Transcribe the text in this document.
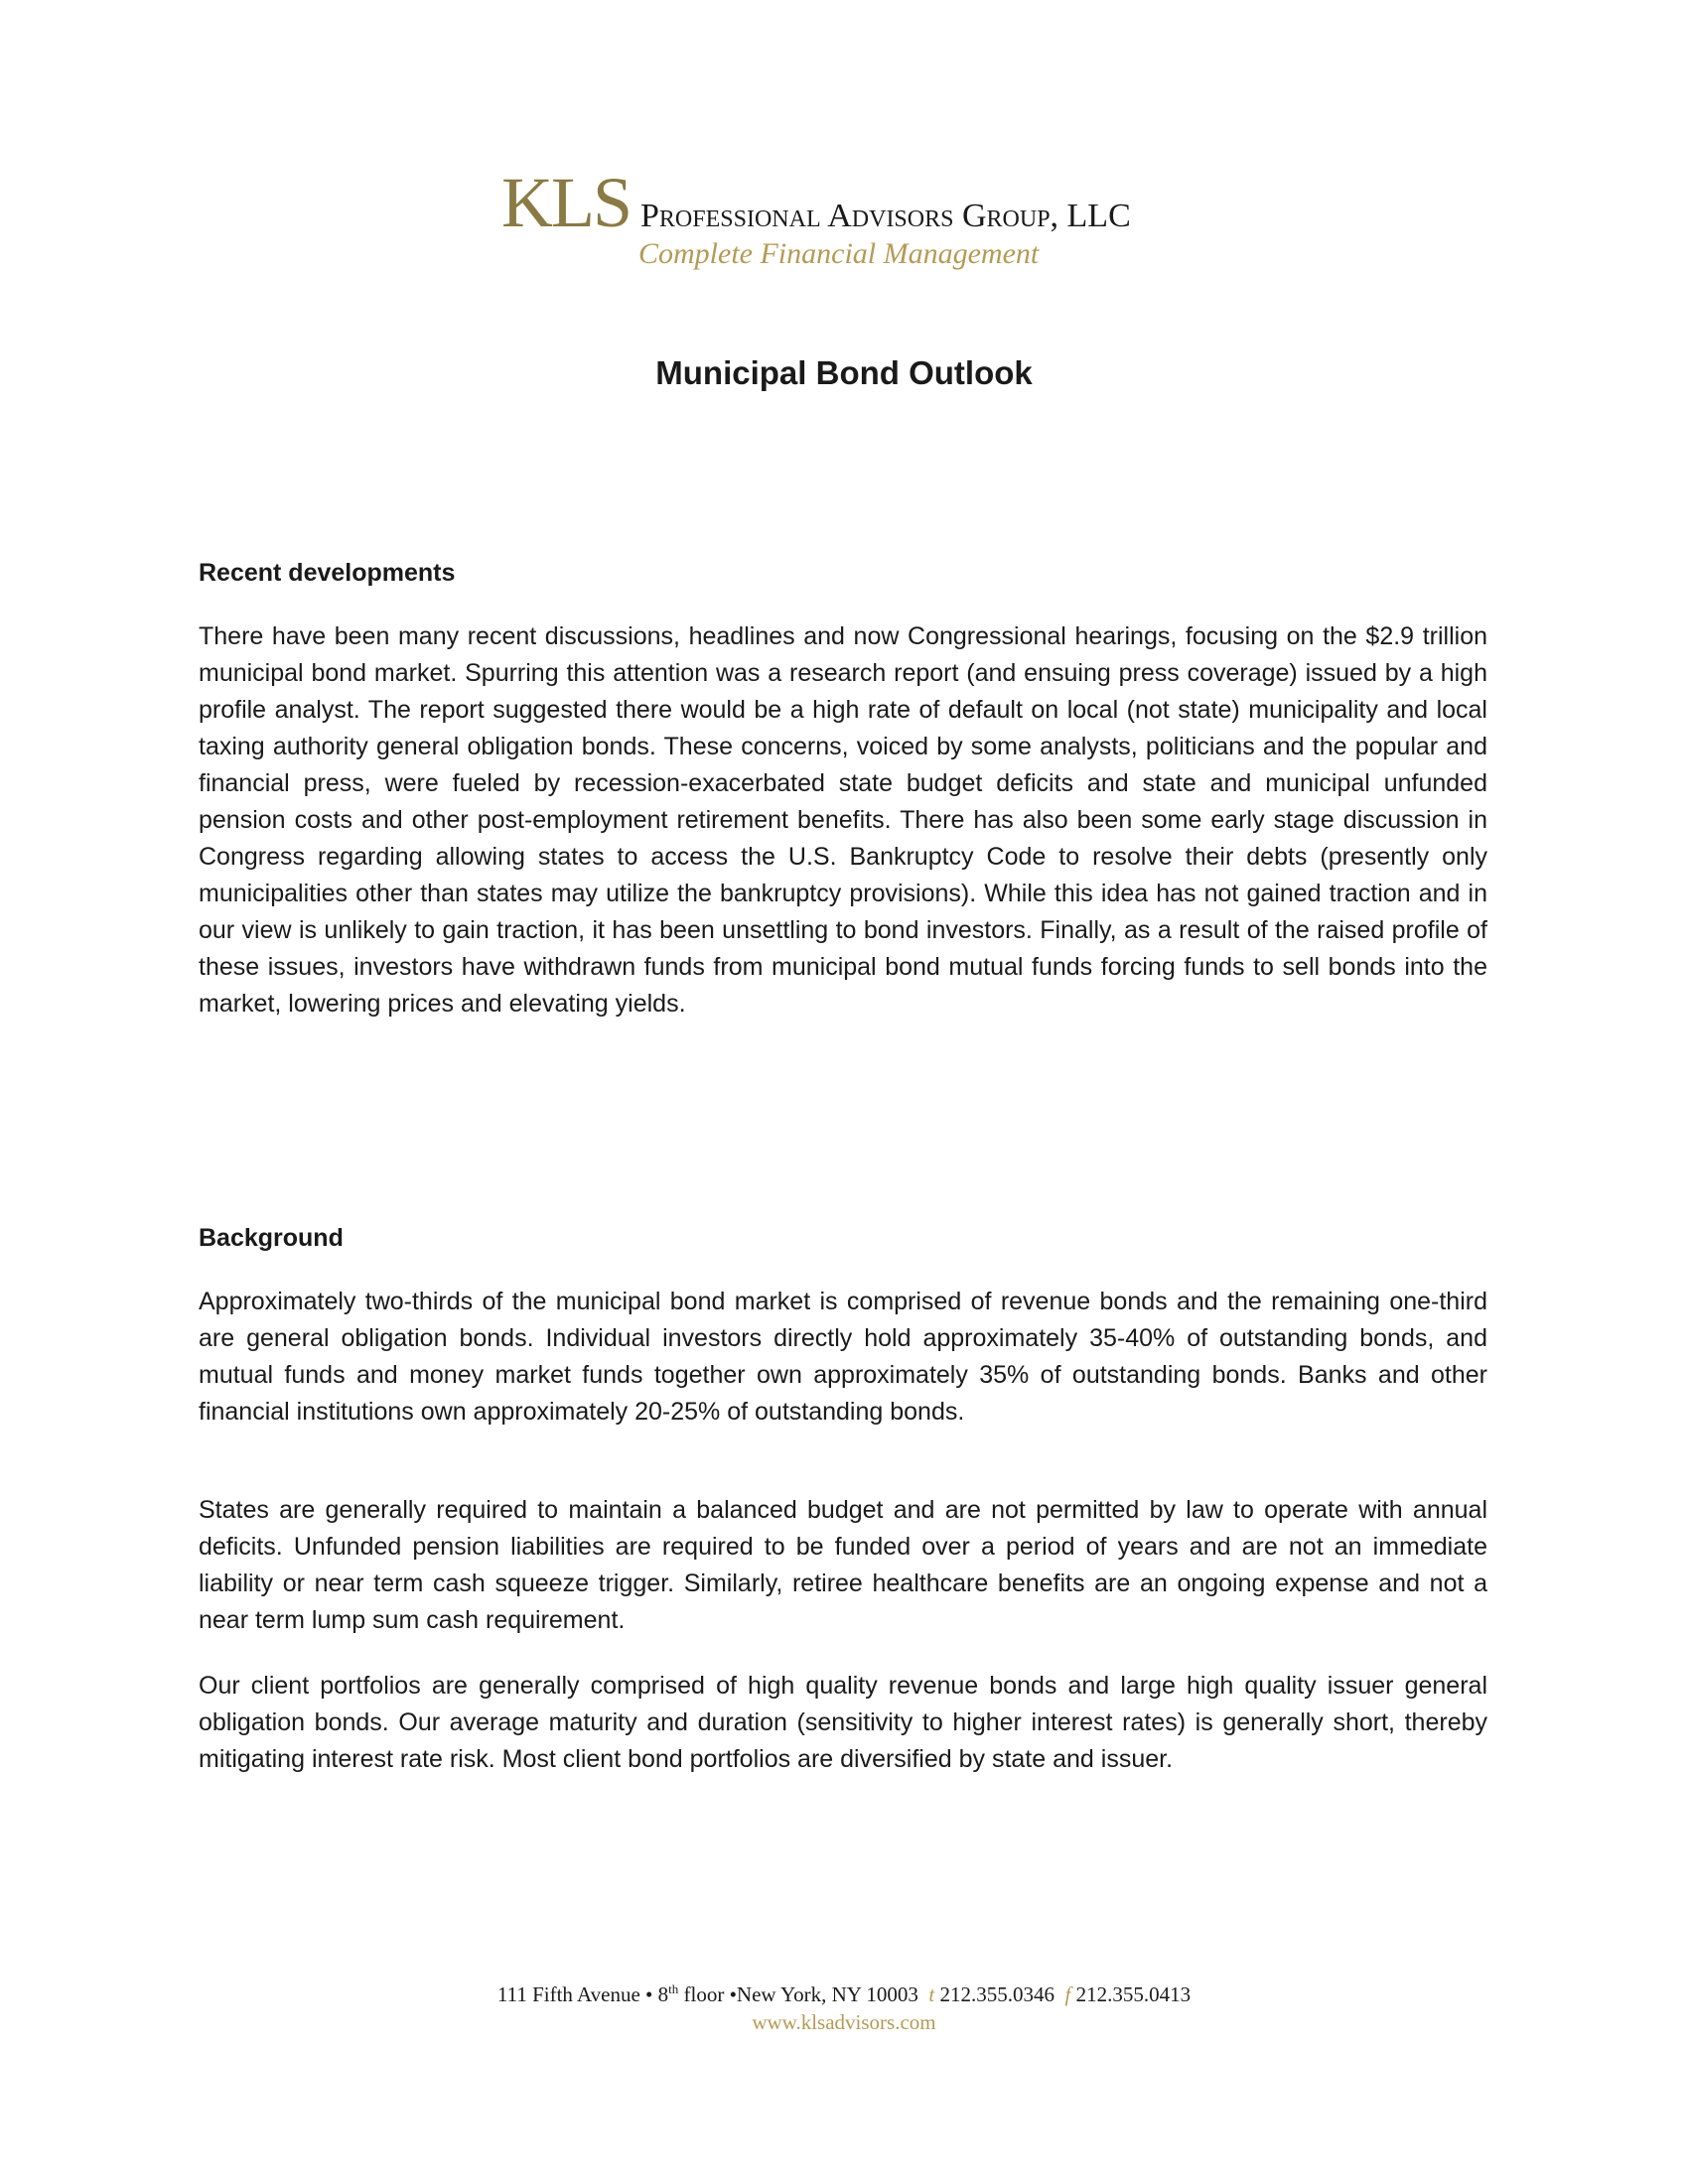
KLS Professional Advisors Group, LLC
Complete Financial Management
Municipal Bond Outlook
Recent developments

There have been many recent discussions, headlines and now Congressional hearings, focusing on the $2.9 trillion municipal bond market. Spurring this attention was a research report (and ensuing press coverage) issued by a high profile analyst. The report suggested there would be a high rate of default on local (not state) municipality and local taxing authority general obligation bonds. These concerns, voiced by some analysts, politicians and the popular and financial press, were fueled by recession-exacerbated state budget deficits and state and municipal unfunded pension costs and other post-employment retirement benefits. There has also been some early stage discussion in Congress regarding allowing states to access the U.S. Bankruptcy Code to resolve their debts (presently only municipalities other than states may utilize the bankruptcy provisions). While this idea has not gained traction and in our view is unlikely to gain traction, it has been unsettling to bond investors. Finally, as a result of the raised profile of these issues, investors have withdrawn funds from municipal bond mutual funds forcing funds to sell bonds into the market, lowering prices and elevating yields.

Background

Approximately two-thirds of the municipal bond market is comprised of revenue bonds and the remaining one-third are general obligation bonds. Individual investors directly hold approximately 35-40% of outstanding bonds, and mutual funds and money market funds together own approximately 35% of outstanding bonds. Banks and other financial institutions own approximately 20-25% of outstanding bonds.

States are generally required to maintain a balanced budget and are not permitted by law to operate with annual deficits. Unfunded pension liabilities are required to be funded over a period of years and are not an immediate liability or near term cash squeeze trigger. Similarly, retiree healthcare benefits are an ongoing expense and not a near term lump sum cash requirement.

Our client portfolios are generally comprised of high quality revenue bonds and large high quality issuer general obligation bonds. Our average maturity and duration (sensitivity to higher interest rates) is generally short, thereby mitigating interest rate risk. Most client bond portfolios are diversified by state and issuer.

111 Fifth Avenue • 8th floor •New York, NY 10003 t 212.355.0346 f 212.355.0413
www.klsadvisors.com
